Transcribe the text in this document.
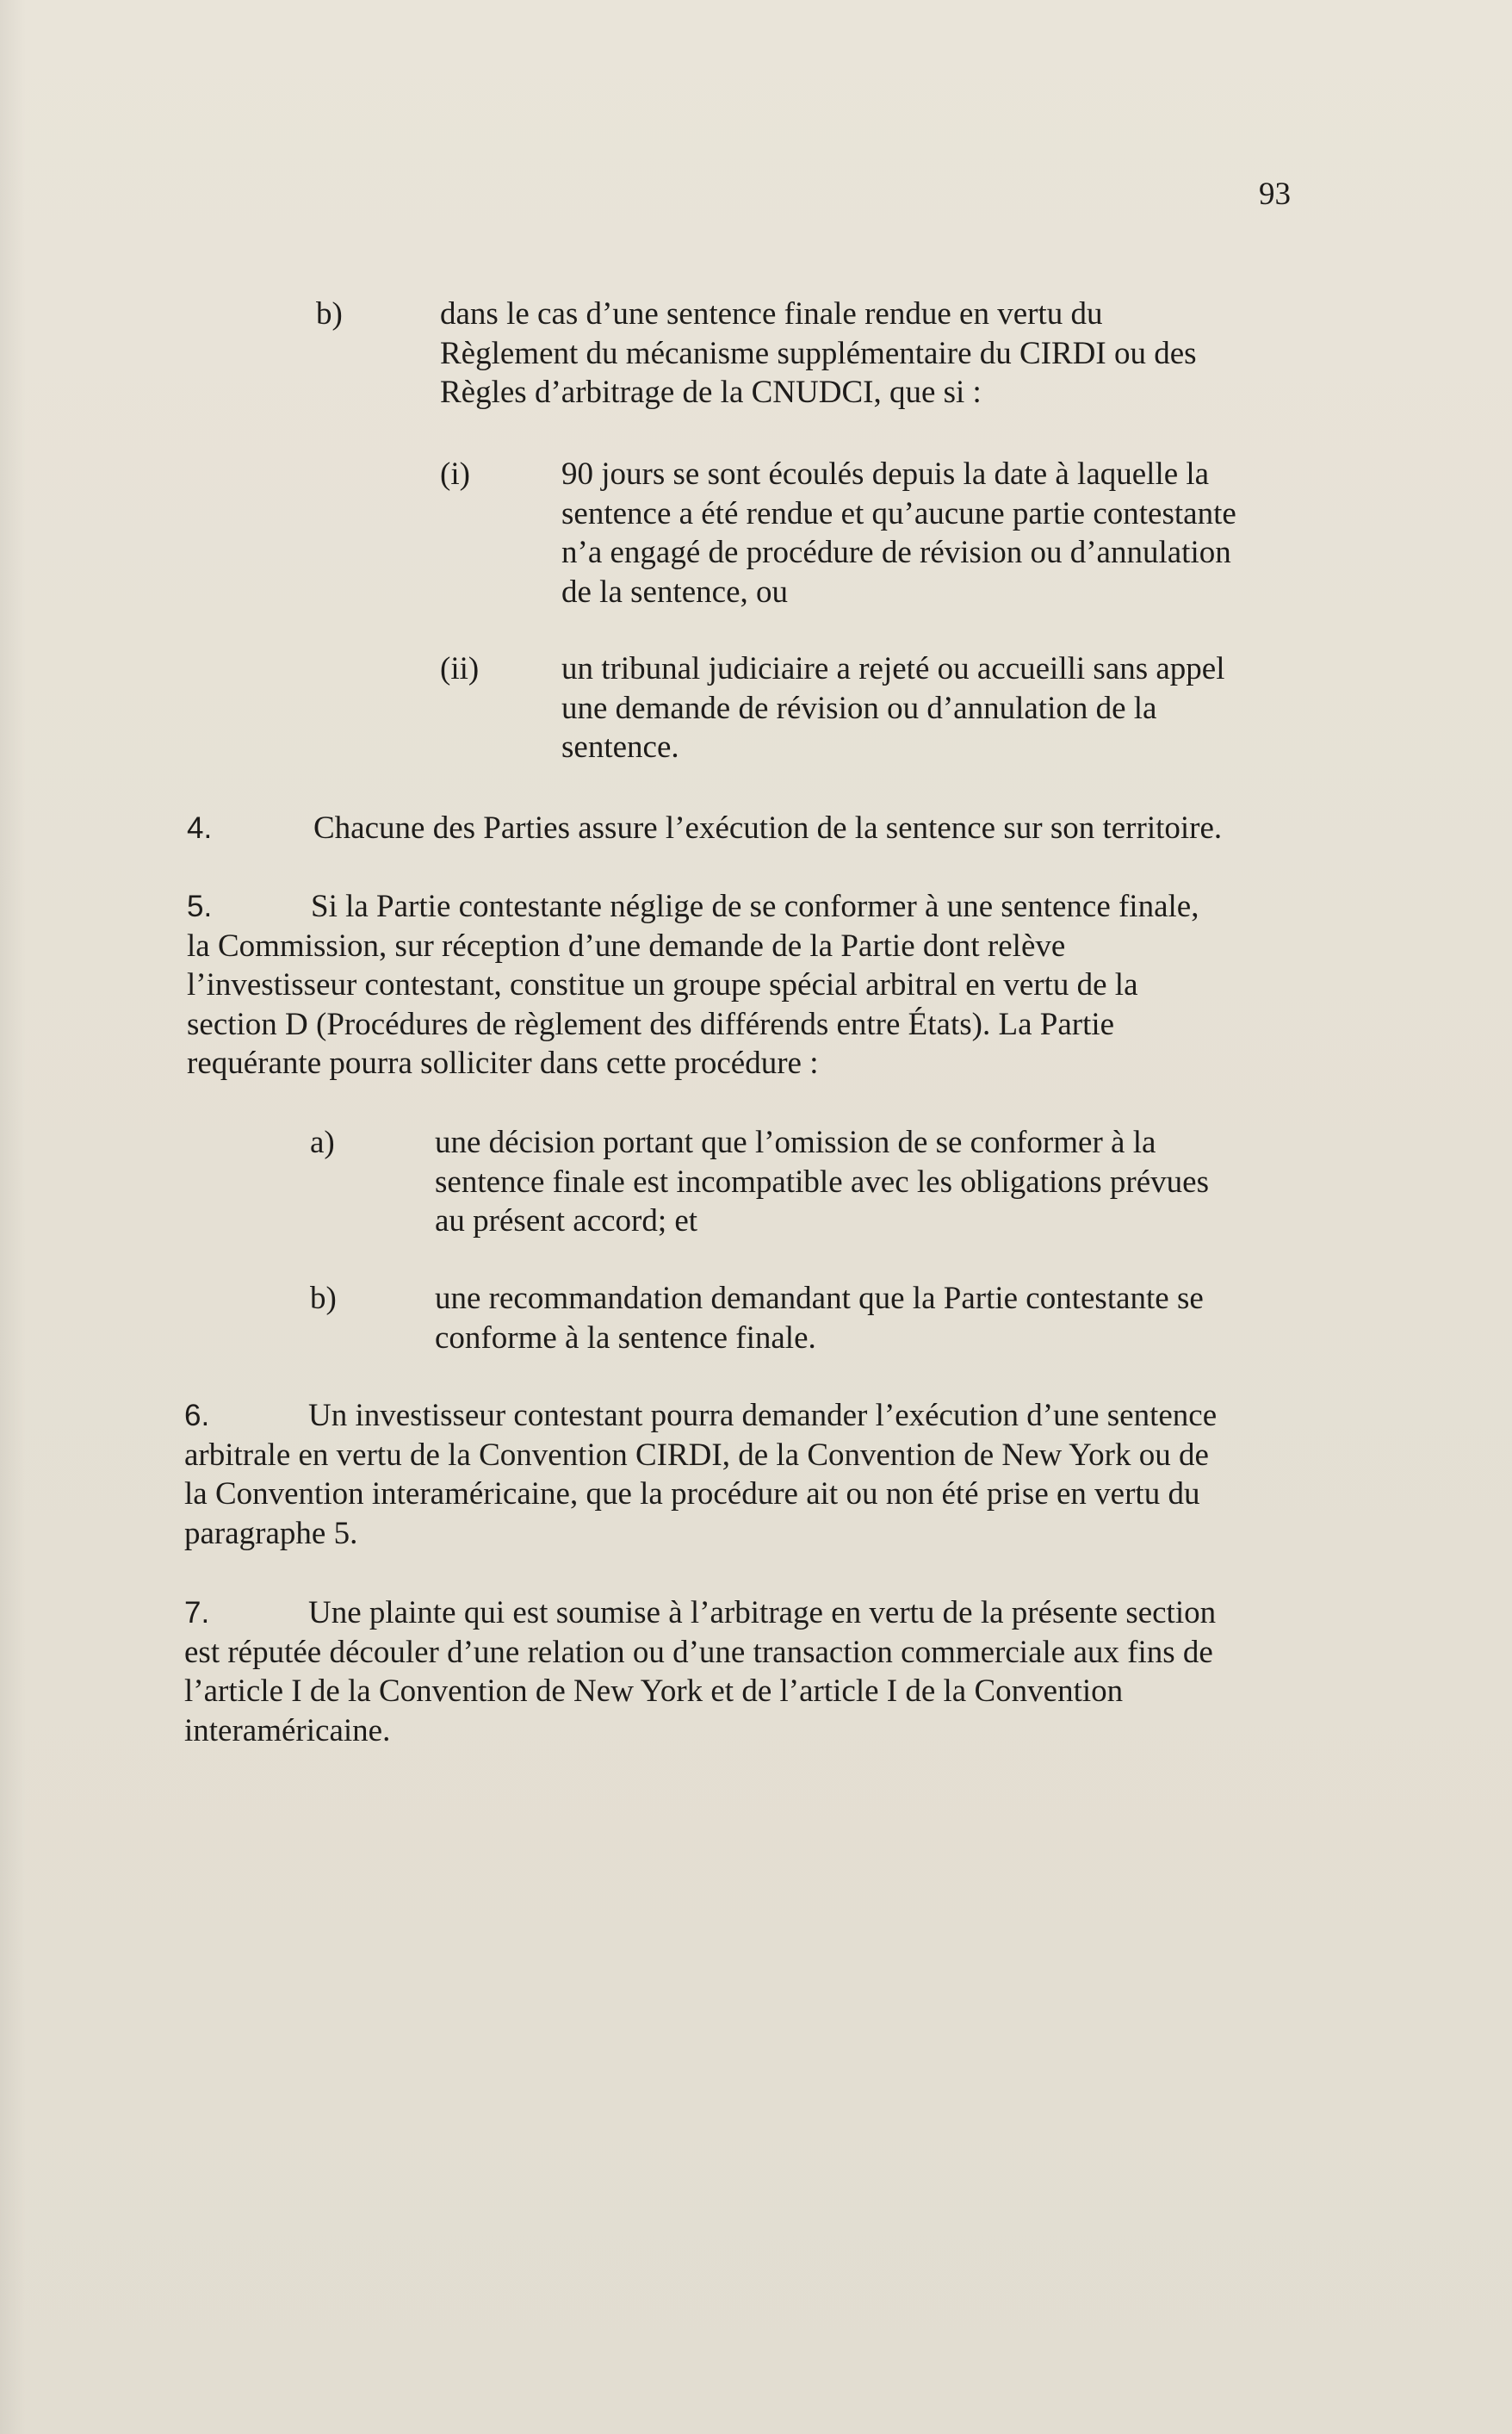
93
b)	dans le cas d’une sentence finale rendue en vertu du
Règlement du mécanisme supplémentaire du CIRDI ou des
Règles d’arbitrage de la CNUDCI, que si :
(i)	90 jours se sont écoulés depuis la date à laquelle la
sentence a été rendue et qu’aucune partie contestante
n’a engagé de procédure de révision ou d’annulation
de la sentence, ou
(ii)	un tribunal judiciaire a rejeté ou accueilli sans appel
une demande de révision ou d’annulation de la
sentence.
4.	Chacune des Parties assure l’exécution de la sentence sur son territoire.
5.	Si la Partie contestante néglige de se conformer à une sentence finale,
la Commission, sur réception d’une demande de la Partie dont relève
l’investisseur contestant, constitue un groupe spécial arbitral en vertu de la
section D (Procédures de règlement des différends entre États). La Partie
requérante pourra solliciter dans cette procédure :
a)	une décision portant que l’omission de se conformer à la
sentence finale est incompatible avec les obligations prévues
au présent accord; et
b)	une recommandation demandant que la Partie contestante se
conforme à la sentence finale.
6.	Un investisseur contestant pourra demander l’exécution d’une sentence
arbitrale en vertu de la Convention CIRDI, de la Convention de New York ou de
la Convention interaméricaine, que la procédure ait ou non été prise en vertu du
paragraphe 5.
7.	Une plainte qui est soumise à l’arbitrage en vertu de la présente section
est réputée découler d’une relation ou d’une transaction commerciale aux fins de
l’article I de la Convention de New York et de l’article I de la Convention
interaméricaine.
